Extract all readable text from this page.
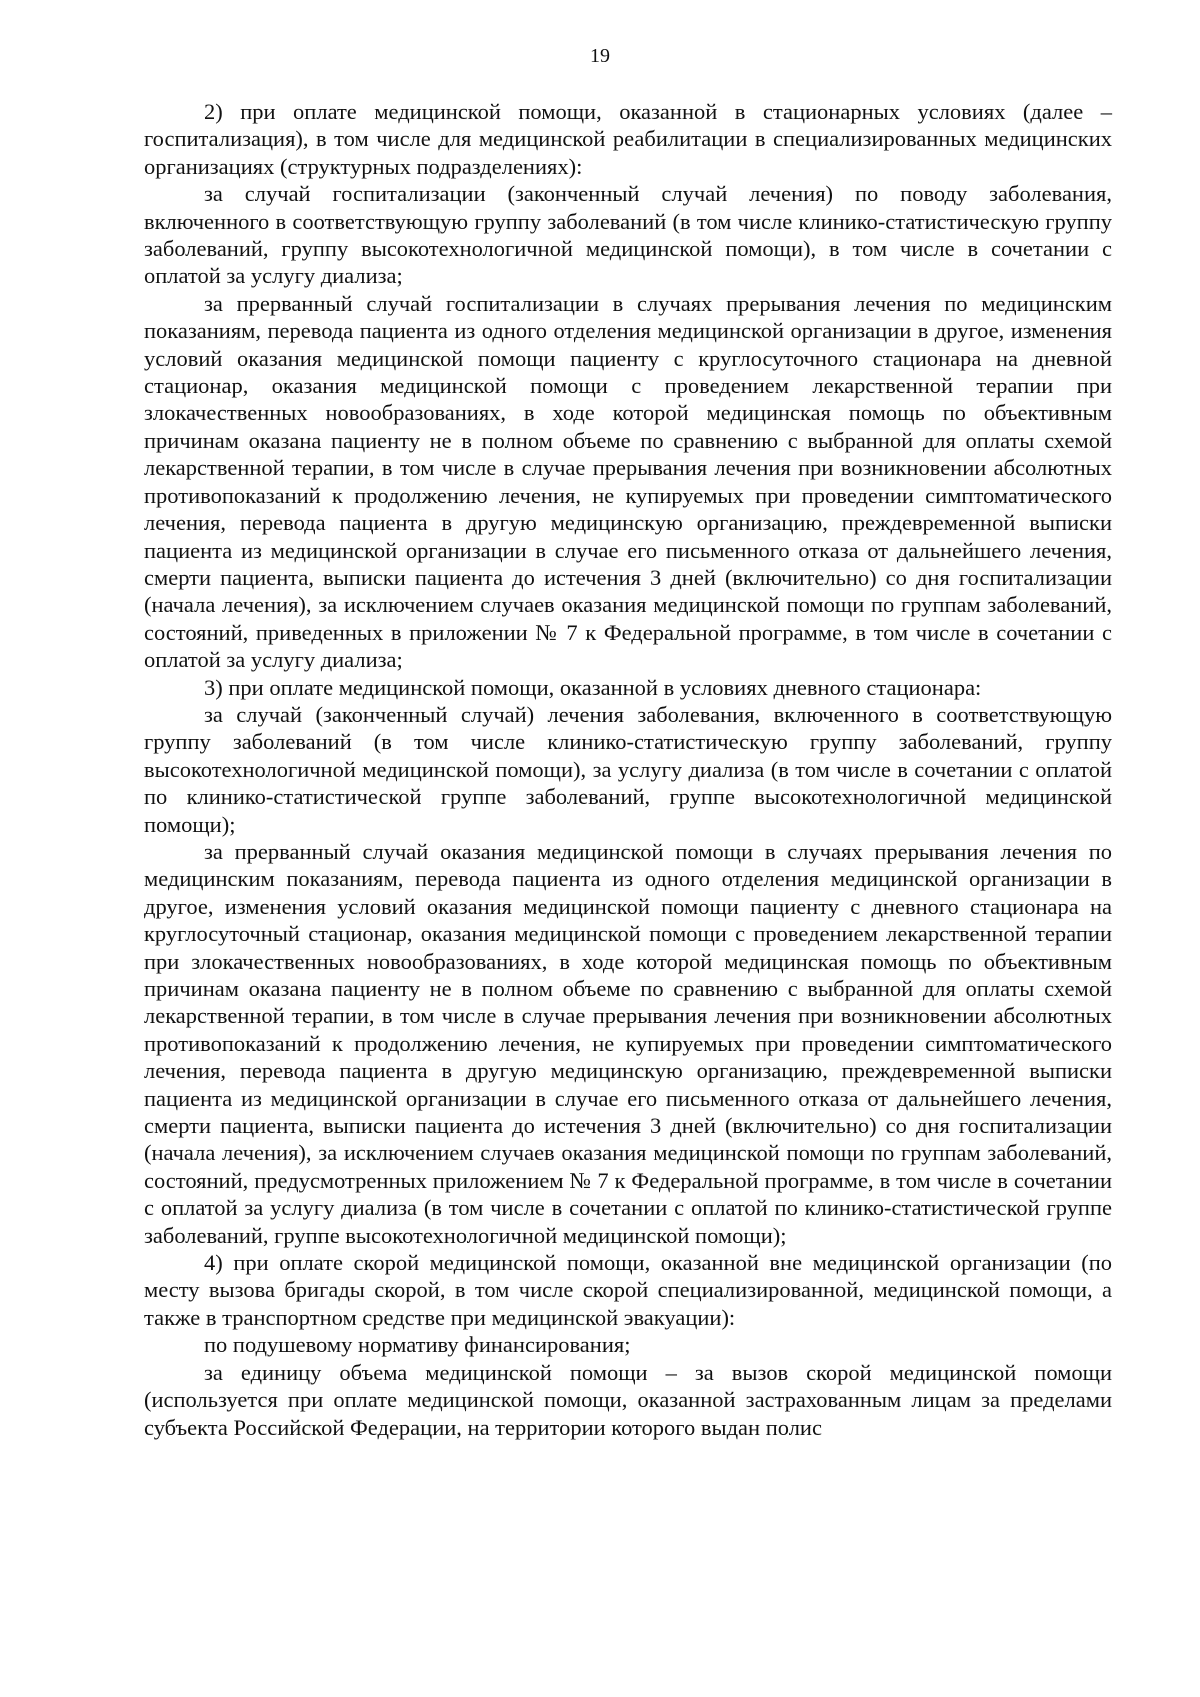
19

2) при оплате медицинской помощи, оказанной в стационарных условиях (далее – госпитализация), в том числе для медицинской реабилитации в специализированных медицинских организациях (структурных подразделениях):

за случай госпитализации (законченный случай лечения) по поводу заболевания, включенного в соответствующую группу заболеваний (в том числе клинико-статистическую группу заболеваний, группу высокотехнологичной медицинской помощи), в том числе в сочетании с оплатой за услугу диализа;

за прерванный случай госпитализации в случаях прерывания лечения по медицинским показаниям, перевода пациента из одного отделения медицинской организации в другое, изменения условий оказания медицинской помощи пациенту с круглосуточного стационара на дневной стационар, оказания медицинской помощи с проведением лекарственной терапии при злокачественных новообразованиях, в ходе которой медицинская помощь по объективным причинам оказана пациенту не в полном объеме по сравнению с выбранной для оплаты схемой лекарственной терапии, в том числе в случае прерывания лечения при возникновении абсолютных противопоказаний к продолжению лечения, не купируемых при проведении симптоматического лечения, перевода пациента в другую медицинскую организацию, преждевременной выписки пациента из медицинской организации в случае его письменного отказа от дальнейшего лечения, смерти пациента, выписки пациента до истечения 3 дней (включительно) со дня госпитализации (начала лечения), за исключением случаев оказания медицинской помощи по группам заболеваний, состояний, приведенных в приложении № 7 к Федеральной программе, в том числе в сочетании с оплатой за услугу диализа;

3) при оплате медицинской помощи, оказанной в условиях дневного стационара:

за случай (законченный случай) лечения заболевания, включенного в соответствующую группу заболеваний (в том числе клинико-статистическую группу заболеваний, группу высокотехнологичной медицинской помощи), за услугу диализа (в том числе в сочетании с оплатой по клинико-статистической группе заболеваний, группе высокотехнологичной медицинской помощи);

за прерванный случай оказания медицинской помощи в случаях прерывания лечения по медицинским показаниям, перевода пациента из одного отделения медицинской организации в другое, изменения условий оказания медицинской помощи пациенту с дневного стационара на круглосуточный стационар, оказания медицинской помощи с проведением лекарственной терапии при злокачественных новообразованиях, в ходе которой медицинская помощь по объективным причинам оказана пациенту не в полном объеме по сравнению с выбранной для оплаты схемой лекарственной терапии, в том числе в случае прерывания лечения при возникновении абсолютных противопоказаний к продолжению лечения, не купируемых при проведении симптоматического лечения, перевода пациента в другую медицинскую организацию, преждевременной выписки пациента из медицинской организации в случае его письменного отказа от дальнейшего лечения, смерти пациента, выписки пациента до истечения 3 дней (включительно) со дня госпитализации (начала лечения), за исключением случаев оказания медицинской помощи по группам заболеваний, состояний, предусмотренных приложением № 7 к Федеральной программе, в том числе в сочетании с оплатой за услугу диализа (в том числе в сочетании с оплатой по клинико-статистической группе заболеваний, группе высокотехнологичной медицинской помощи);

4) при оплате скорой медицинской помощи, оказанной вне медицинской организации (по месту вызова бригады скорой, в том числе скорой специализированной, медицинской помощи, а также в транспортном средстве при медицинской эвакуации):

по подушевому нормативу финансирования;

за единицу объема медицинской помощи – за вызов скорой медицинской помощи (используется при оплате медицинской помощи, оказанной застрахованным лицам за пределами субъекта Российской Федерации, на территории которого выдан полис
